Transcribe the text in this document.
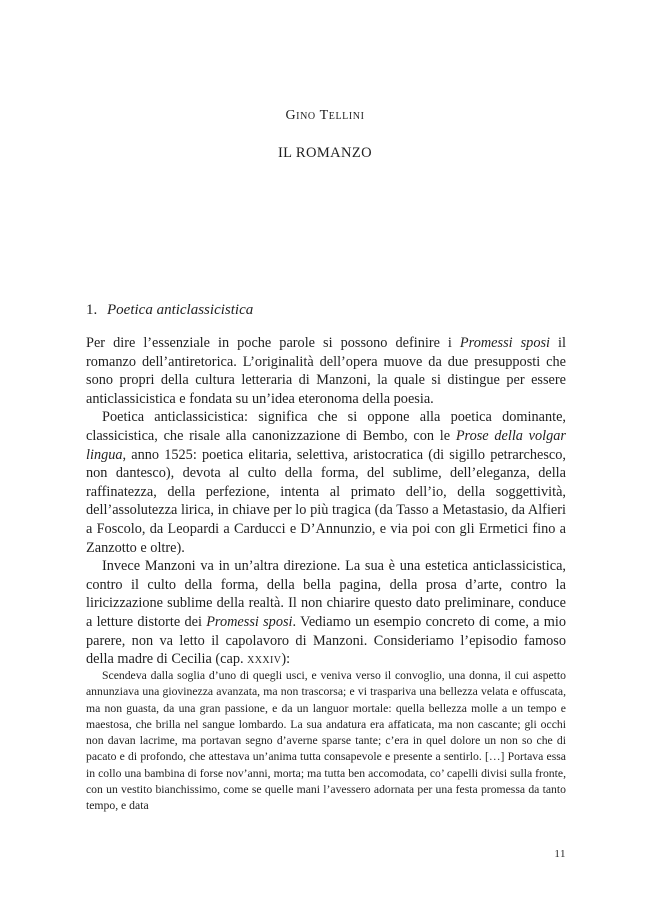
Gino Tellini
IL ROMANZO
1. Poetica anticlassicistica

Per dire l’essenziale in poche parole si possono definire i Promessi sposi il romanzo dell’antiretorica. L’originalità dell’opera muove da due presupposti che sono propri della cultura letteraria di Manzoni, la quale si distingue per essere anticlassicistica e fondata su un’idea eteronoma della poesia.

Poetica anticlassicistica: significa che si oppone alla poetica dominante, classicistica, che risale alla canonizzazione di Bembo, con le Prose della volgar lingua, anno 1525: poetica elitaria, selettiva, aristocratica (di sigillo petrarchesco, non dantesco), devota al culto della forma, del sublime, dell’eleganza, della raffinatezza, della perfezione, intenta al primato dell’io, della soggettività, dell’assolutezza lirica, in chiave per lo più tragica (da Tasso a Metastasio, da Alfieri a Foscolo, da Leopardi a Carducci e D’Annunzio, e via poi con gli Ermetici fino a Zanzotto e oltre).

Invece Manzoni va in un’altra direzione. La sua è una estetica anticlassicistica, contro il culto della forma, della bella pagina, della prosa d’arte, contro la liricizzazione sublime della realtà. Il non chiarire questo dato preliminare, conduce a letture distorte dei Promessi sposi. Vediamo un esempio concreto di come, a mio parere, non va letto il capolavoro di Manzoni. Consideriamo l’episodio famoso della madre di Cecilia (cap. xxxiv):

Scendeva dalla soglia d’uno di quegli usci, e veniva verso il convoglio, una donna, il cui aspetto annunziava una giovinezza avanzata, ma non trascorsa; e vi traspariva una bellezza velata e offuscata, ma non guasta, da una gran passione, e da un languor mortale: quella bellezza molle a un tempo e maestosa, che brilla nel sangue lombardo. La sua andatura era affaticata, ma non cascante; gli occhi non davan lacrime, ma portavan segno d’averne sparse tante; c’era in quel dolore un non so che di pacato e di profondo, che attestava un’anima tutta consapevole e presente a sentirlo. […] Portava essa in collo una bambina di forse nov’anni, morta; ma tutta ben accomodata, co’ capelli divisi sulla fronte, con un vestito bianchissimo, come se quelle mani l’avessero adornata per una festa promessa da tanto tempo, e data

11
